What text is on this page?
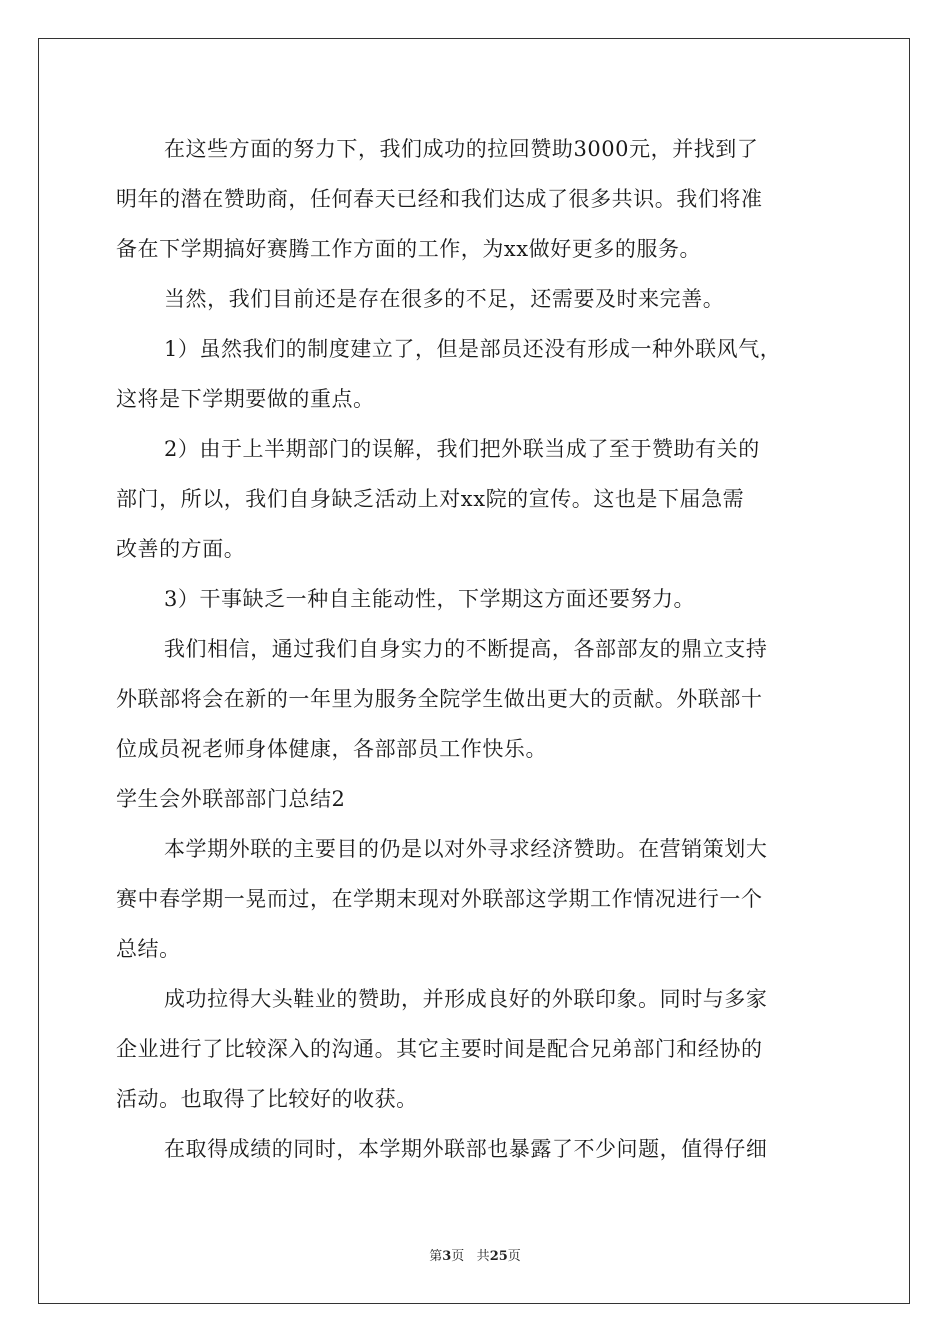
在这些方面的努力下，我们成功的拉回赞助3000元，并找到了
明年的潜在赞助商，任何春天已经和我们达成了很多共识。我们将准
备在下学期搞好赛腾工作方面的工作，为xx做好更多的服务。
当然，我们目前还是存在很多的不足，还需要及时来完善。
1）虽然我们的制度建立了，但是部员还没有形成一种外联风气，
这将是下学期要做的重点。
2）由于上半期部门的误解，我们把外联当成了至于赞助有关的
部门，所以，我们自身缺乏活动上对xx院的宣传。这也是下届急需
改善的方面。
3）干事缺乏一种自主能动性，下学期这方面还要努力。
我们相信，通过我们自身实力的不断提高，各部部友的鼎立支持
外联部将会在新的一年里为服务全院学生做出更大的贡献。外联部十
位成员祝老师身体健康，各部部员工作快乐。
学生会外联部部门总结2
本学期外联的主要目的仍是以对外寻求经济赞助。在营销策划大
赛中春学期一晃而过，在学期末现对外联部这学期工作情况进行一个
总结。
成功拉得大头鞋业的赞助，并形成良好的外联印象。同时与多家
企业进行了比较深入的沟通。其它主要时间是配合兄弟部门和经协的
活动。也取得了比较好的收获。
在取得成绩的同时，本学期外联部也暴露了不少问题，值得仔细
第3页 共25页
